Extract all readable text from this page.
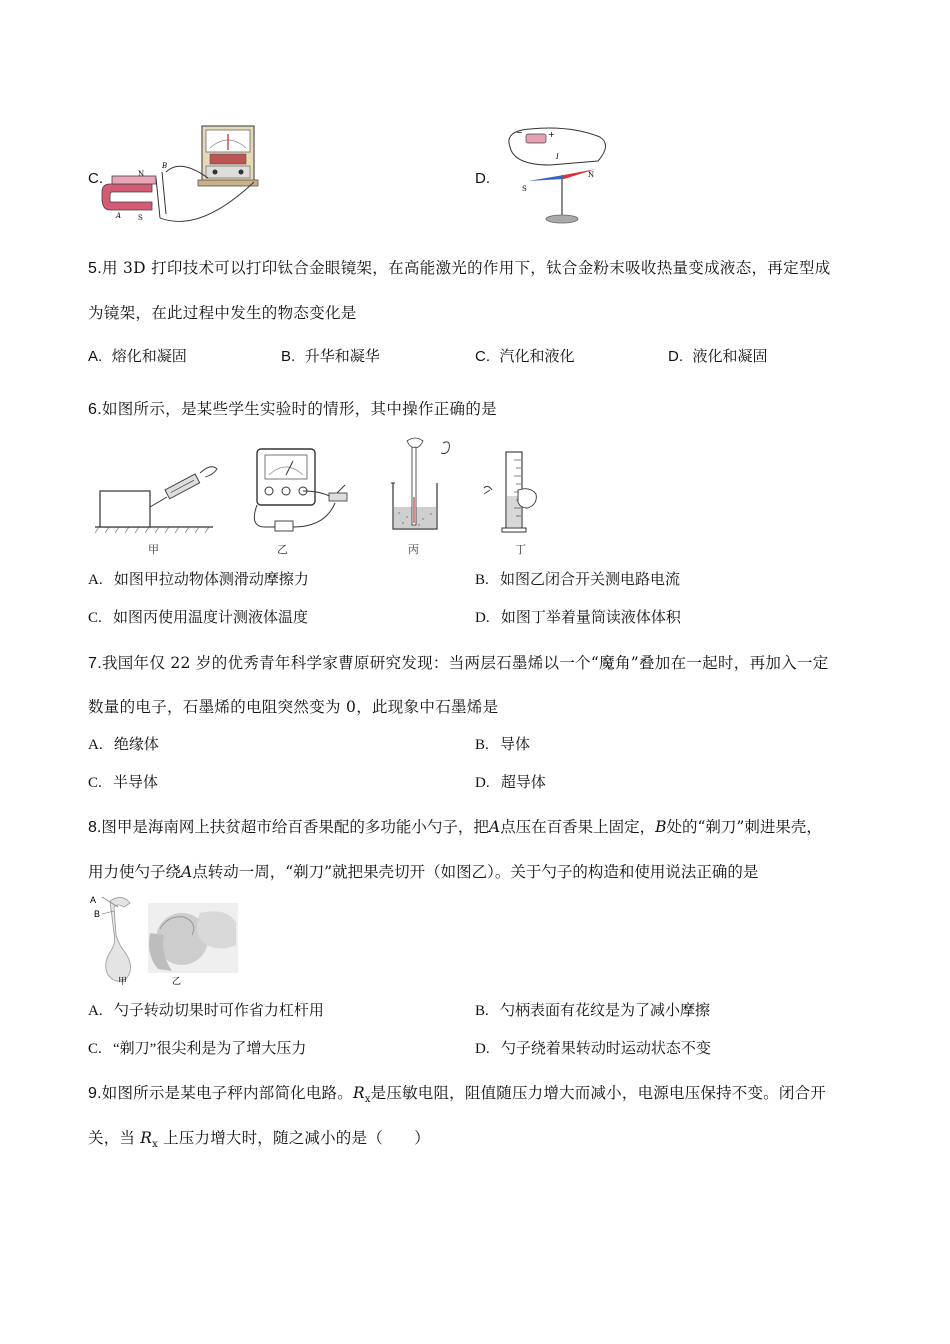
C.	N
S
A
B
D.
−	+
I
S
N
5.用 3D 打印技术可以打印钛合金眼镜架，在高能激光的作用下，钛合金粉末吸收热量变成液态，再定型成
为镜架，在此过程中发生的物态变化是
A. 熔化和凝固	B. 升华和凝华	C. 汽化和液化	D. 液化和凝固
6.如图所示，是某些学生实验时的情形，其中操作正确的是
甲	乙	丙	丁
A. 如图甲拉动物体测滑动摩擦力	B. 如图乙闭合开关测电路电流
C. 如图丙使用温度计测液体温度	D. 如图丁举着量筒读液体体积
7.我国年仅 22 岁的优秀青年科学家曹原研究发现：当两层石墨烯以一个“魔角”叠加在一起时，再加入一定
数量的电子，石墨烯的电阻突然变为 0，此现象中石墨烯是
A. 绝缘体	B. 导体
C. 半导体	D. 超导体
8.图甲是海南网上扶贫超市给百香果配的多功能小勺子，把A点压在百香果上固定，B处的“剃刀”刺进果壳，
用力使勺子绕A点转动一周，“剃刀”就把果壳切开（如图乙）。关于勺子的构造和使用说法正确的是
A
B
甲	乙
A. 勺子转动切果时可作省力杠杆用	B. 勺柄表面有花纹是为了减小摩擦
C. “剃刀”很尖利是为了增大压力	D. 勺子绕着果转动时运动状态不变
9.如图所示是某电子秤内部简化电路。$R_x$是压敏电阻，阻值随压力增大而减小，电源电压保持不变。闭合开
关，当 $R_x$ 上压力增大时，随之减小的是（　　）
